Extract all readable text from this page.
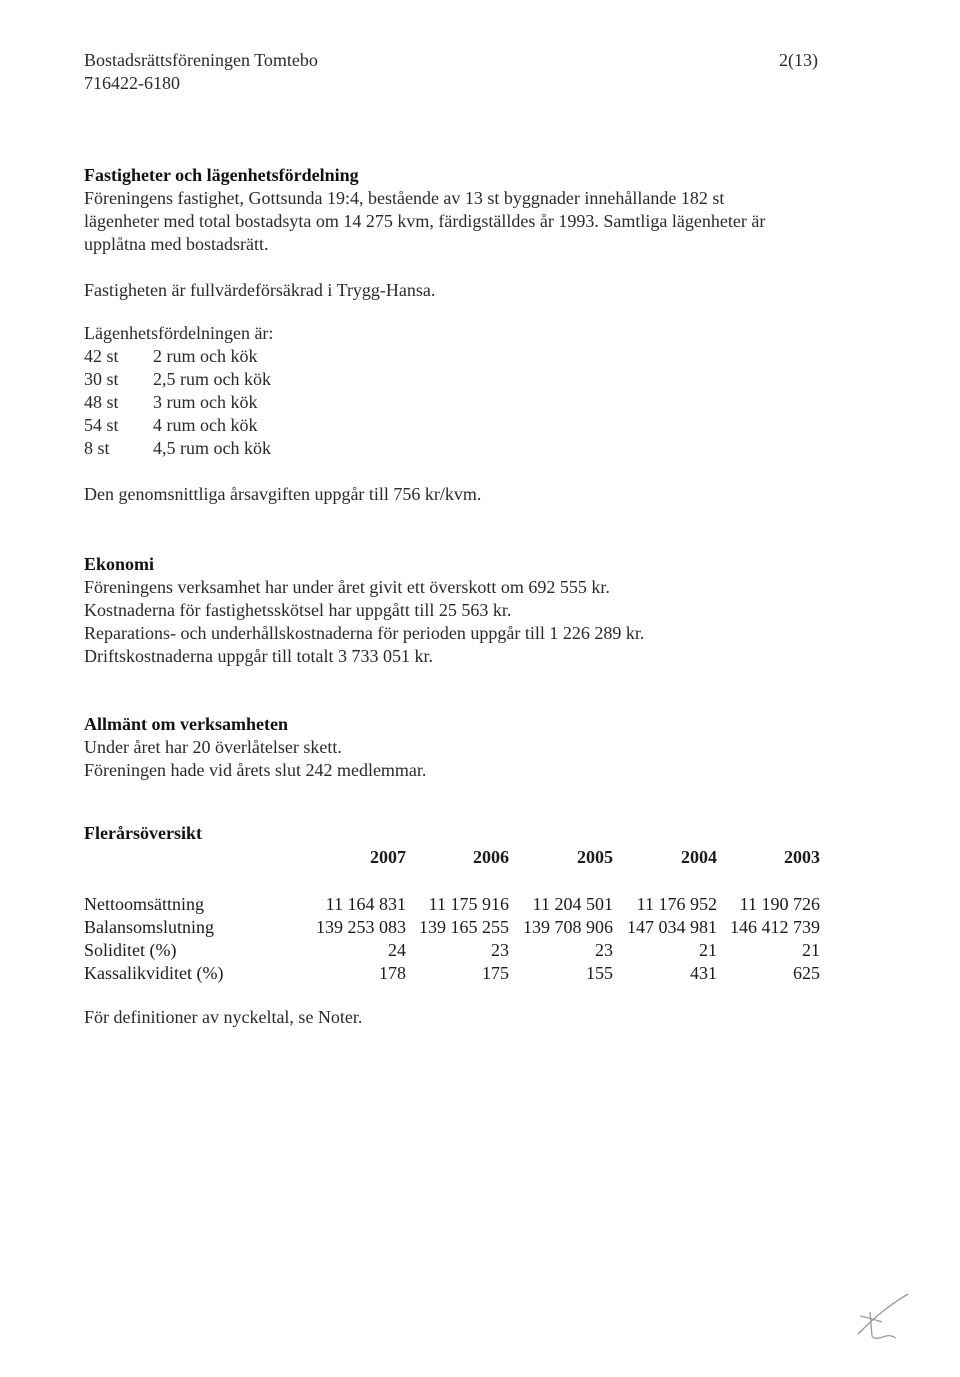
Bostadsrättsföreningen Tomtebo
716422-6180
2(13)
Fastigheter och lägenhetsfördelning
Föreningens fastighet, Gottsunda 19:4, bestående av 13 st byggnader innehållande 182 st
lägenheter med total bostadsyta om 14 275 kvm, färdigställdes år 1993. Samtliga lägenheter är
upplåtna med bostadsrätt.
Fastigheten är fullvärdeförsäkrad i Trygg-Hansa.
Lägenhetsfördelningen är:
42 st	2 rum och kök
30 st	2,5 rum och kök
48 st	3 rum och kök
54 st	4 rum och kök
8 st	4,5 rum och kök
Den genomsnittliga årsavgiften uppgår till 756 kr/kvm.
Ekonomi
Föreningens verksamhet har under året givit ett överskott om 692 555 kr.
Kostnaderna för fastighetsskötsel har uppgått till 25 563 kr.
Reparations- och underhållskostnaderna för perioden uppgår till 1 226 289 kr.
Driftskostnaderna uppgår till totalt 3 733 051 kr.
Allmänt om verksamheten
Under året har 20 överlåtelser skett.
Föreningen hade vid årets slut 242 medlemmar.
Flerårsöversikt
	2007	2006	2005	2004	2003

Nettoomsättning	11 164 831	11 175 916	11 204 501	11 176 952	11 190 726
Balansomslutning	139 253 083	139 165 255	139 708 906	147 034 981	146 412 739
Soliditet (%)	24	23	23	21	21
Kassalikviditet (%)	178	175	155	431	625
För definitioner av nyckeltal, se Noter.
